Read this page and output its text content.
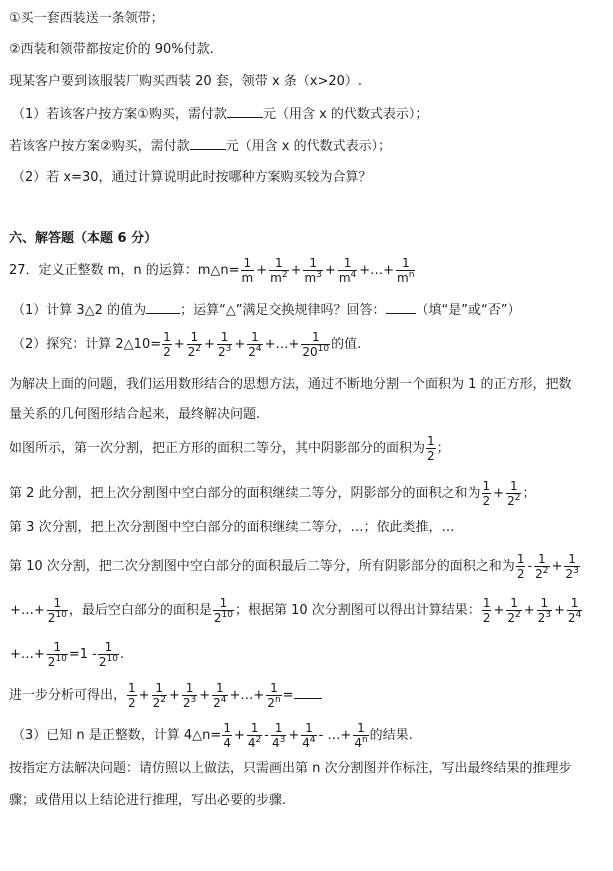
①买一套西装送一条领带；
②西装和领带都按定价的 90%付款.
现某客户要到该服装厂购买西装 20 套，领带 x 条（x>20）.
（1）若该客户按方案①购买，需付款	元（用含 x 的代数式表示）；
若该客户按方案②购买，需付款	元（用含 x 的代数式表示）；
（2）若 x=30，通过计算说明此时按哪种方案购买较为合算？
六、解答题（本题 6 分）
27．定义正整数 m，n 的运算：m△n= $\frac{1}{m} + \frac{1}{m^2} + \frac{1}{m^3} + \frac{1}{m^4}$ +…+ $\frac{1}{m^n}$
（1）计算 3△2 的值为	；运算“△”满足交换规律吗？回答： （填“是”或“否”）
（2）探究：计算 2△10= $\frac{1}{2} + \frac{1}{2^2} + \frac{1}{2^3} + \frac{1}{2^4}$ +…+ $\frac{1}{20^{10}}$ 的值.
为解决上面的问题，我们运用数形结合的思想方法，通过不断地分割一个面积为 1 的正方形，把数
量关系的几何图形结合起来，最终解决问题.
如图所示，第一次分割，把正方形的面积二等分，其中阴影部分的面积为 $\frac{1}{2}$ ；
第 2 此分割，把上次分割图中空白部分的面积继续二等分，阴影部分的面积之和为 $\frac{1}{2} + \frac{1}{2^2}$ ；
第 3 次分割，把上次分割图中空白部分的面积继续二等分，…；依此类推，…
第 10 次分割，把二次分割图中空白部分的面积最后二等分，所有阴影部分的面积之和为 $\frac{1}{2} - \frac{1}{2^2} + \frac{1}{2^3}$
+…+ $\frac{1}{2^{10}}$ ，最后空白部分的面积是 $\frac{1}{2^{10}}$ ；根据第 10 次分割图可以得出计算结果： $\frac{1}{2} + \frac{1}{2^2} + \frac{1}{2^3} + \frac{1}{2^4}$
+…+ $\frac{1}{2^{10}} =1 - \frac{1}{2^{10}}$ .
进一步分析可得出， $\frac{1}{2} + \frac{1}{2^2} + \frac{1}{2^3} + \frac{1}{2^4}$ +…+ $\frac{1}{2^n}$ =
（3）已知 n 是正整数，计算 4△n= $\frac{1}{4} + \frac{1}{4^2} - \frac{1}{4^3} + \frac{1}{4^4}$ - …+ $\frac{1}{4^n}$ 的结果.
按指定方法解决问题：请仿照以上做法，只需画出第 n 次分割图并作标注，写出最终结果的推理步
骤；或借用以上结论进行推理，写出必要的步骤.
